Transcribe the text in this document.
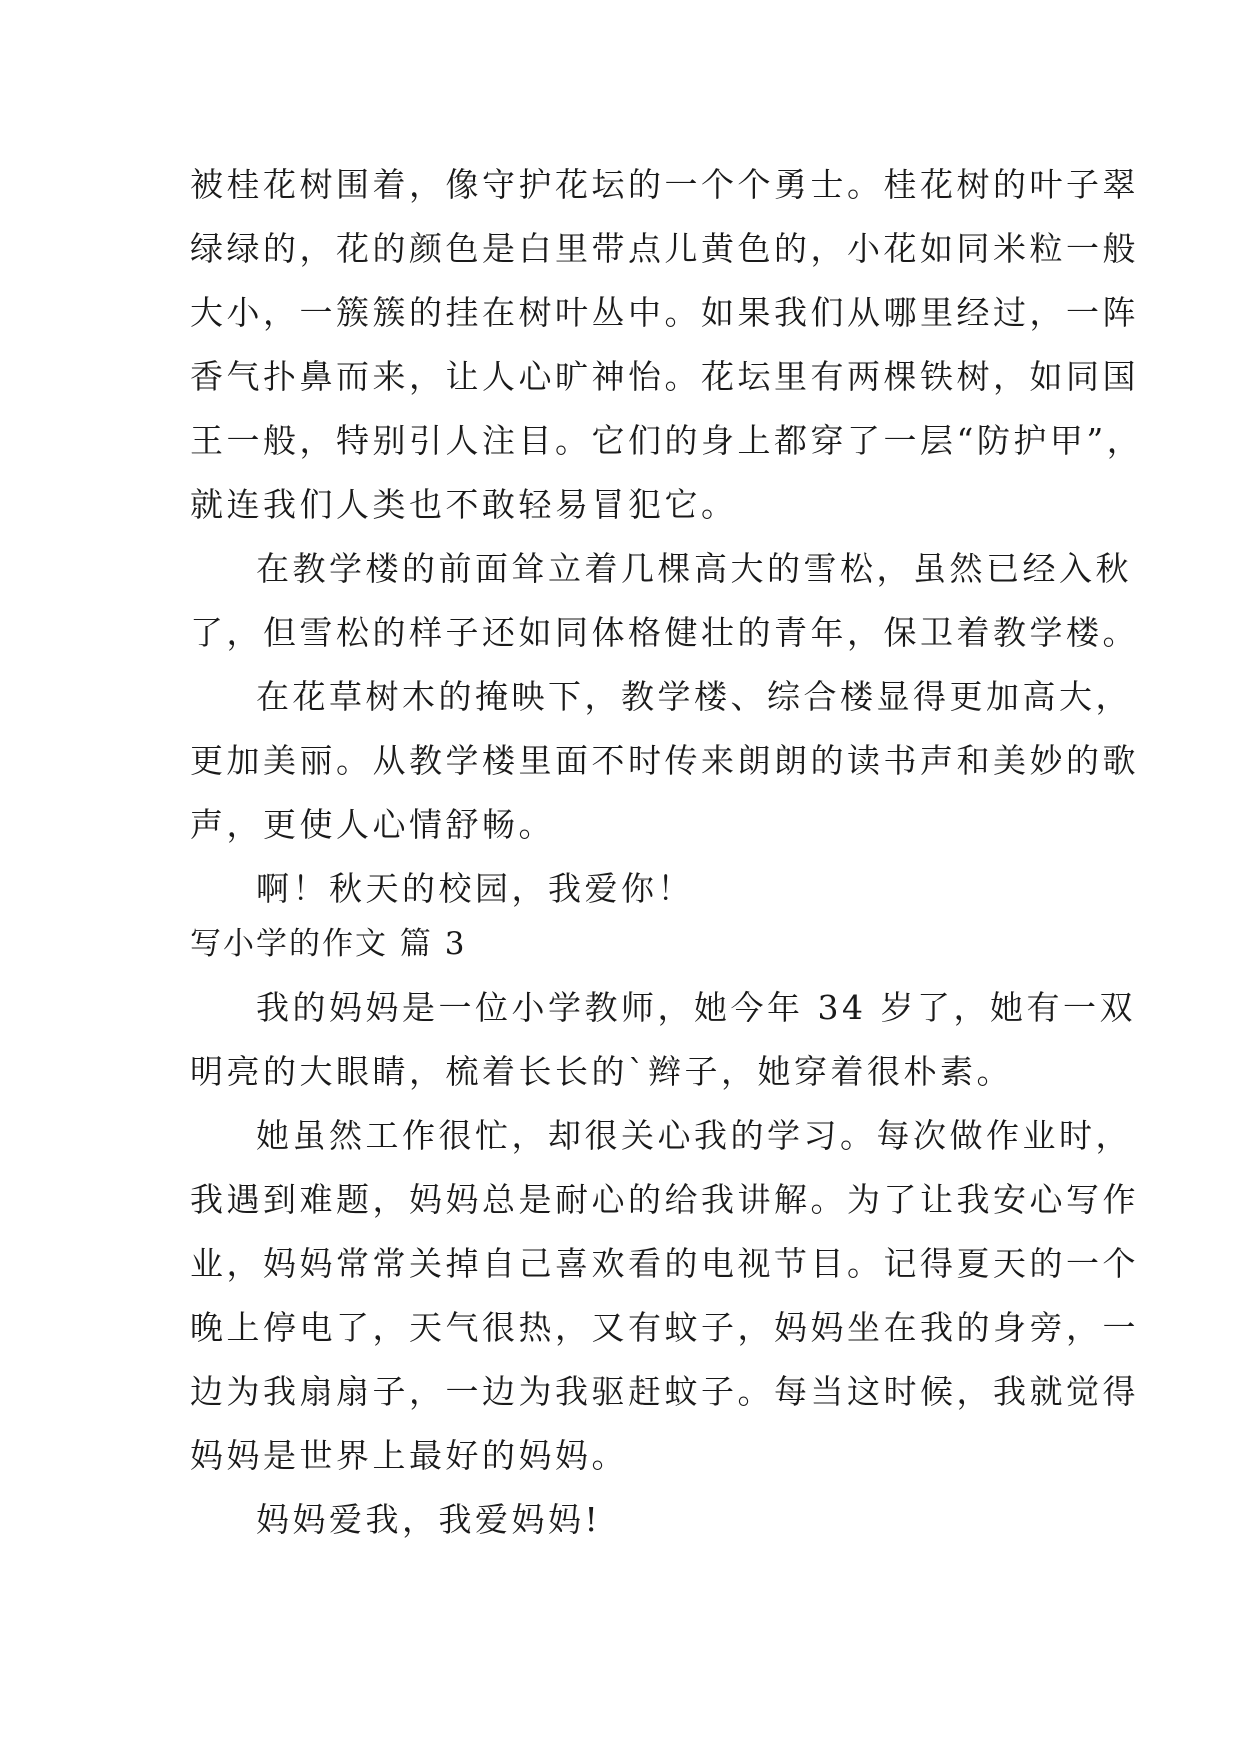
被桂花树围着，像守护花坛的一个个勇士。桂花树的叶子翠
绿绿的，花的颜色是白里带点儿黄色的，小花如同米粒一般
大小，一簇簇的挂在树叶丛中。如果我们从哪里经过，一阵
香气扑鼻而来，让人心旷神怡。花坛里有两棵铁树，如同国
王一般，特别引人注目。它们的身上都穿了一层“防护甲”，
就连我们人类也不敢轻易冒犯它。
在教学楼的前面耸立着几棵高大的雪松，虽然已经入秋
了，但雪松的样子还如同体格健壮的青年，保卫着教学楼。
在花草树木的掩映下，教学楼、综合楼显得更加高大，
更加美丽。从教学楼里面不时传来朗朗的读书声和美妙的歌
声，更使人心情舒畅。
啊！秋天的校园，我爱你！
写小学的作文 篇 3
我的妈妈是一位小学教师，她今年 34 岁了，她有一双
明亮的大眼睛，梳着长长的`辫子，她穿着很朴素。
她虽然工作很忙，却很关心我的学习。每次做作业时，
我遇到难题，妈妈总是耐心的给我讲解。为了让我安心写作
业，妈妈常常关掉自己喜欢看的电视节目。记得夏天的一个
晚上停电了，天气很热，又有蚊子，妈妈坐在我的身旁，一
边为我扇扇子，一边为我驱赶蚊子。每当这时候，我就觉得
妈妈是世界上最好的妈妈。
妈妈爱我，我爱妈妈!
